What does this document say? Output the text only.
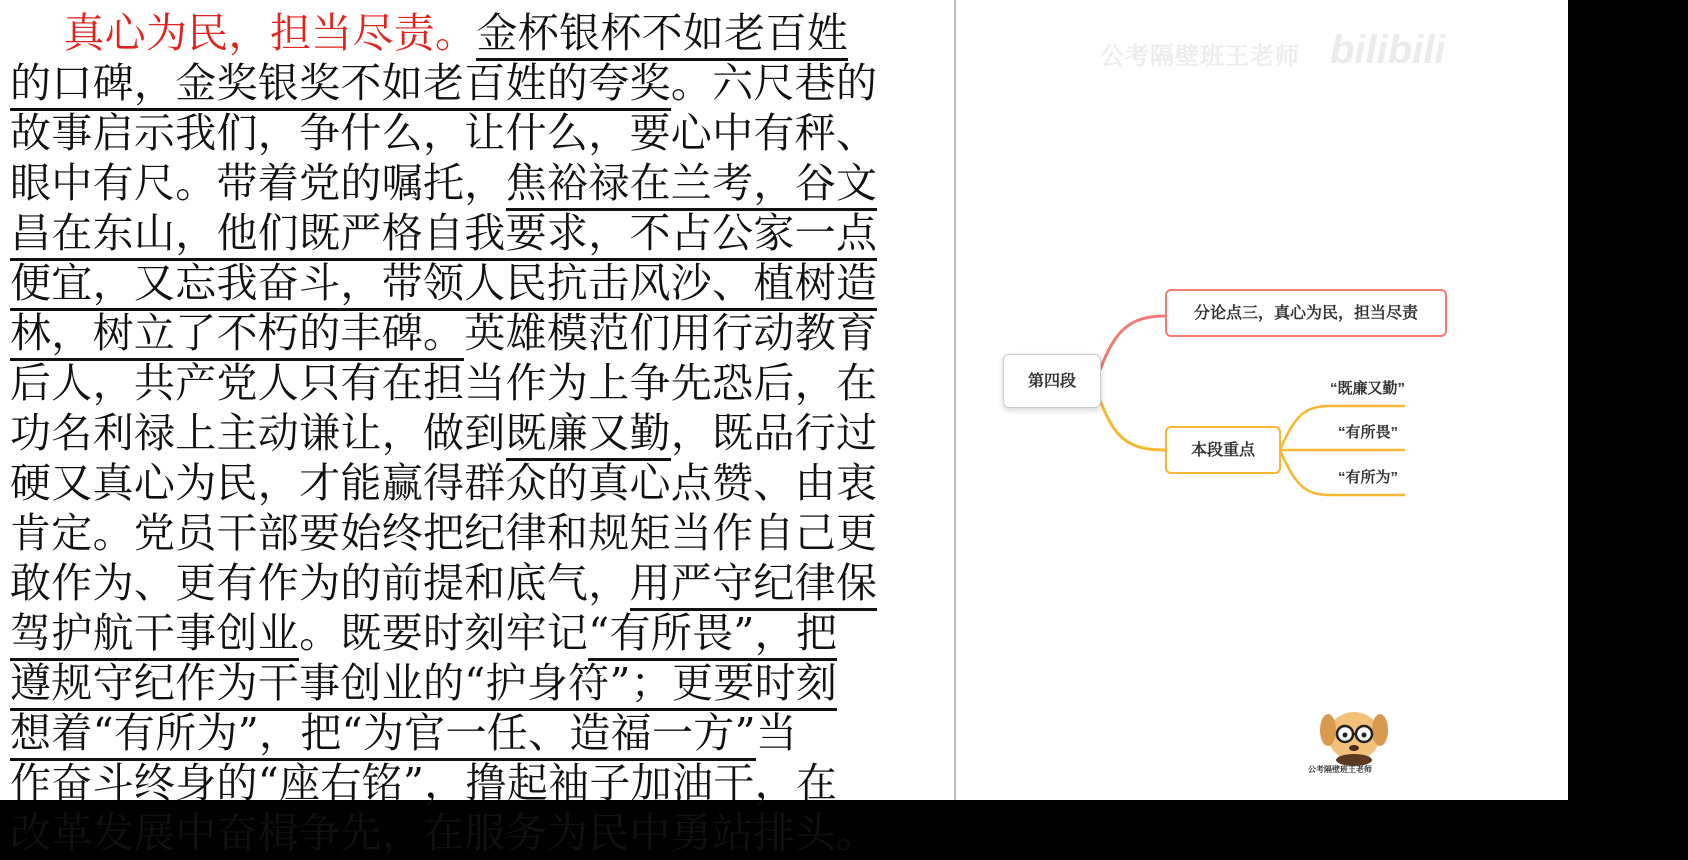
真心为民，担当尽责。金杯银杯不如老百姓
的口碑，金奖银奖不如老百姓的夸奖。六尺巷的
故事启示我们，争什么，让什么，要心中有秤、
眼中有尺。带着党的嘱托，焦裕禄在兰考，谷文
昌在东山，他们既严格自我要求，不占公家一点
便宜，又忘我奋斗，带领人民抗击风沙、植树造
林，树立了不朽的丰碑。英雄模范们用行动教育
后人，共产党人只有在担当作为上争先恐后，在
功名利禄上主动谦让，做到既廉又勤，既品行过
硬又真心为民，才能赢得群众的真心点赞、由衷
肯定。党员干部要始终把纪律和规矩当作自己更
敢作为、更有作为的前提和底气，用严守纪律保
驾护航干事创业。既要时刻牢记“有所畏”，把
遵规守纪作为干事创业的“护身符”；更要时刻
想着“有所为”，把“为官一任、造福一方”当
作奋斗终身的“座右铭”，撸起袖子加油干，在
改革发展中奋楫争先，在服务为民中勇站排头。
公考隔壁班王老师 bilibili
第四段
分论点三，真心为民，担当尽责
本段重点
“既廉又勤”
“有所畏”
“有所为”
公考隔壁班王老师
